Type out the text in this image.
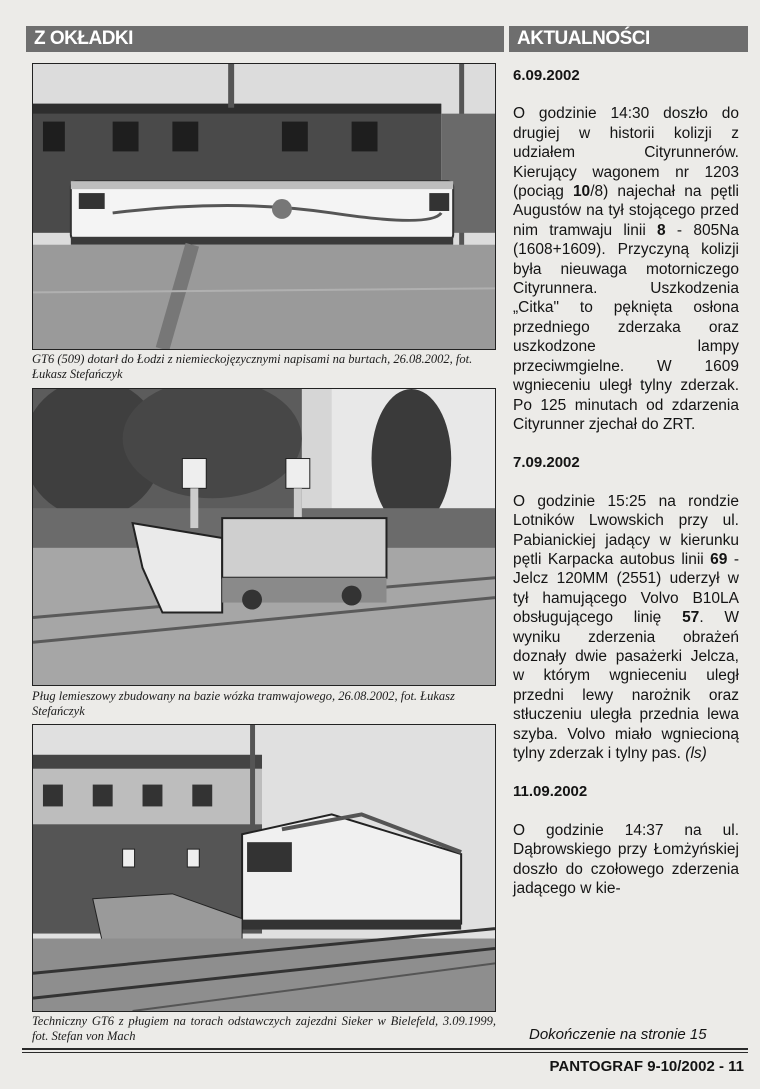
Z OKŁADKI	AKTUALNOŚCI
GT6 (509) dotarł do Łodzi z niemieckojęzycznymi napisami na burtach, 26.08.2002, fot. Łukasz Stefańczyk
Pług lemieszowy zbudowany na bazie wózka tramwajowego, 26.08.2002, fot. Łukasz Stefańczyk
Techniczny GT6 z pługiem na torach odstawczych zajezdni Sieker w Bielefeld, 3.09.1999, fot. Stefan von Mach
6.09.2002
O godzinie 14:30 doszło do drugiej w historii kolizji z udziałem Cityrunnerów. Kierujący wagonem nr 1203 (pociąg 10/8) najechał na pętli Augustów na tył stojącego przed nim tramwaju linii 8 - 805Na (1608+1609). Przyczyną kolizji była nieuwaga motorniczego Cityrunnera. Uszkodzenia „Citka" to pęknięta osłona przedniego zderzaka oraz uszkodzone lampy przeciwmgielne. W 1609 wgnieceniu uległ tylny zderzak. Po 125 minutach od zdarzenia Cityrunner zjechał do ZRT.
7.09.2002
O godzinie 15:25 na rondzie Lotników Lwowskich przy ul. Pabianickiej jadący w kierunku pętli Karpacka autobus linii 69 - Jelcz 120MM (2551) uderzył w tył hamującego Volvo B10LA obsługującego linię 57. W wyniku zderzenia obrażeń doznały dwie pasażerki Jelcza, w którym wgnieceniu uległ przedni lewy narożnik oraz stłuczeniu uległa przednia lewa szyba. Volvo miało wgniecioną tylny zderzak i tylny pas. (ls)
11.09.2002
O godzinie 14:37 na ul. Dąbrowskiego przy Łomżyńskiej doszło do czołowego zderzenia jadącego w kie-
Dokończenie na stronie 15
PANTOGRAF 9-10/2002 - 11
